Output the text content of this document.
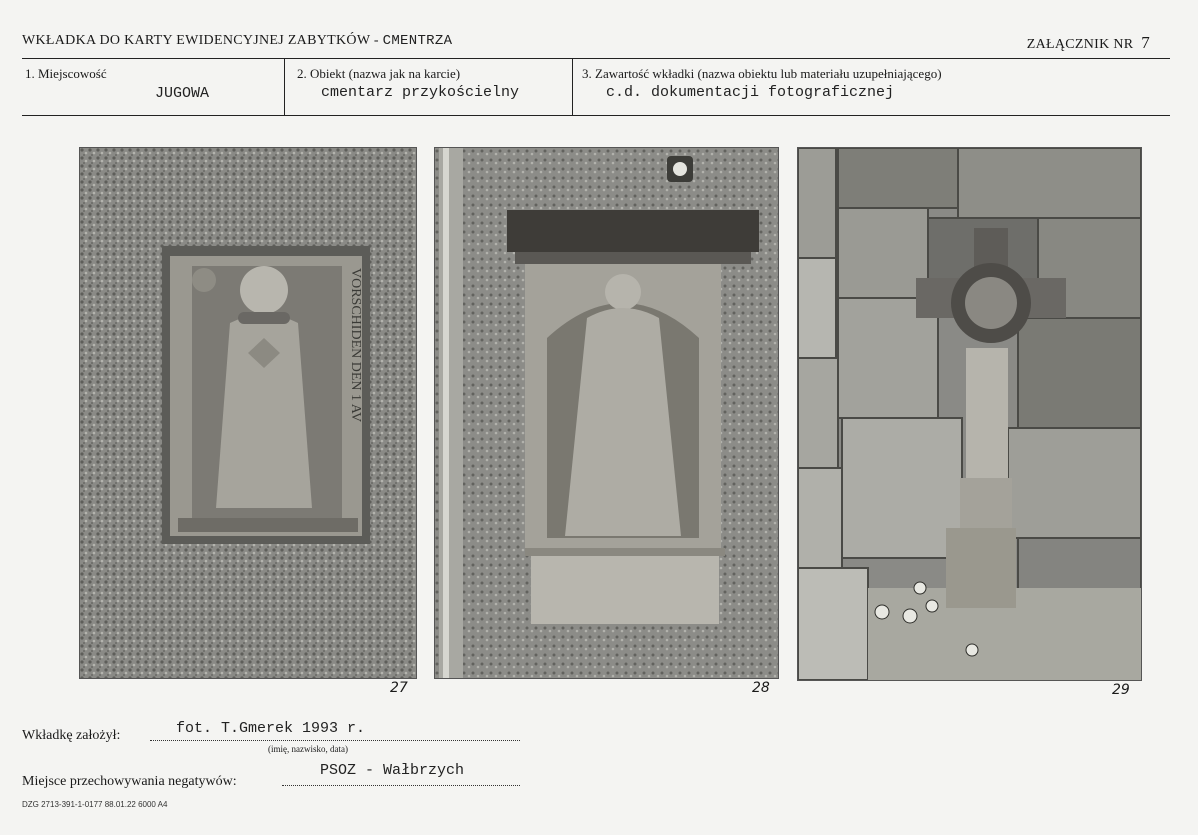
WKŁADKA DO KARTY EWIDENCYJNEJ ZABYTKÓW - CMENTRZA	ZAŁĄCZNIK NR 7
1. Miejscowość
JUGOWA
2. Obiekt (nazwa jak na karcie)
cmentarz przykościelny
3. Zawartość wkładki (nazwa obiektu lub materiału uzupełniającego)
c.d. dokumentacji fotograficznej
VORSCHIDEN DEN 1 AV
27	28	29
Wkładkę założył:	fot. T.Gmerek 1993 r.
(imię, nazwisko, data)
Miejsce przechowywania negatywów:
PSOZ - Wałbrzych
DZG 2713-391-1-0177 88.01.22 6000 A4
